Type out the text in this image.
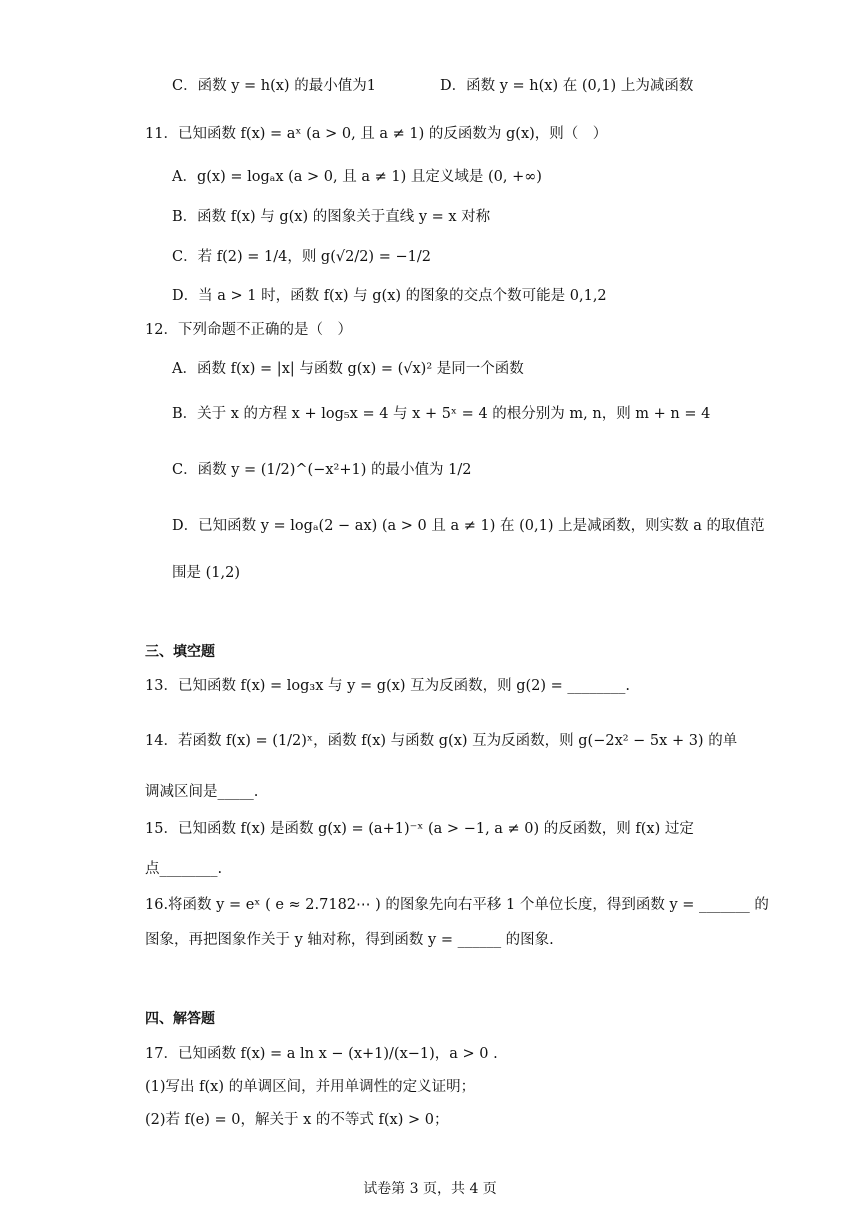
C．函数 y = h(x) 的最小值为1	D．函数 y = h(x) 在 (0,1) 上为减函数
11．已知函数 f(x) = aˣ (a > 0, 且 a ≠ 1) 的反函数为 g(x)，则（　）
A．g(x) = logₐx (a > 0, 且 a ≠ 1) 且定义域是 (0, +∞)
B．函数 f(x) 与 g(x) 的图象关于直线 y = x 对称
C．若 f(2) = 1/4，则 g(√2/2) = −1/2
D．当 a > 1 时，函数 f(x) 与 g(x) 的图象的交点个数可能是 0,1,2
12．下列命题不正确的是（　）
A．函数 f(x) = |x| 与函数 g(x) = (√x)² 是同一个函数
B．关于 x 的方程 x + log₅x = 4 与 x + 5ˣ = 4 的根分别为 m, n，则 m + n = 4
C．函数 y = (1/2)^(−x²+1) 的最小值为 1/2
D．已知函数 y = logₐ(2 − ax) (a > 0 且 a ≠ 1) 在 (0,1) 上是减函数，则实数 a 的取值范
围是 (1,2)
三、填空题
13．已知函数 f(x) = log₃x 与 y = g(x) 互为反函数，则 g(2) = ________.
14．若函数 f(x) = (1/2)ˣ，函数 f(x) 与函数 g(x) 互为反函数，则 g(−2x² − 5x + 3) 的单
调减区间是_____.
15．已知函数 f(x) 是函数 g(x) = (a+1)⁻ˣ (a > −1, a ≠ 0) 的反函数，则 f(x) 过定
点________.
16.将函数 y = eˣ ( e ≈ 2.7182⋯ ) 的图象先向右平移 1 个单位长度，得到函数 y = _______ 的
图象，再把图象作关于 y 轴对称，得到函数 y = ______ 的图象.
四、解答题
17．已知函数 f(x) = a ln x − (x+1)/(x−1)，a > 0 .
(1)写出 f(x) 的单调区间，并用单调性的定义证明；
(2)若 f(e) = 0，解关于 x 的不等式 f(x) > 0；
试卷第 3 页，共 4 页
